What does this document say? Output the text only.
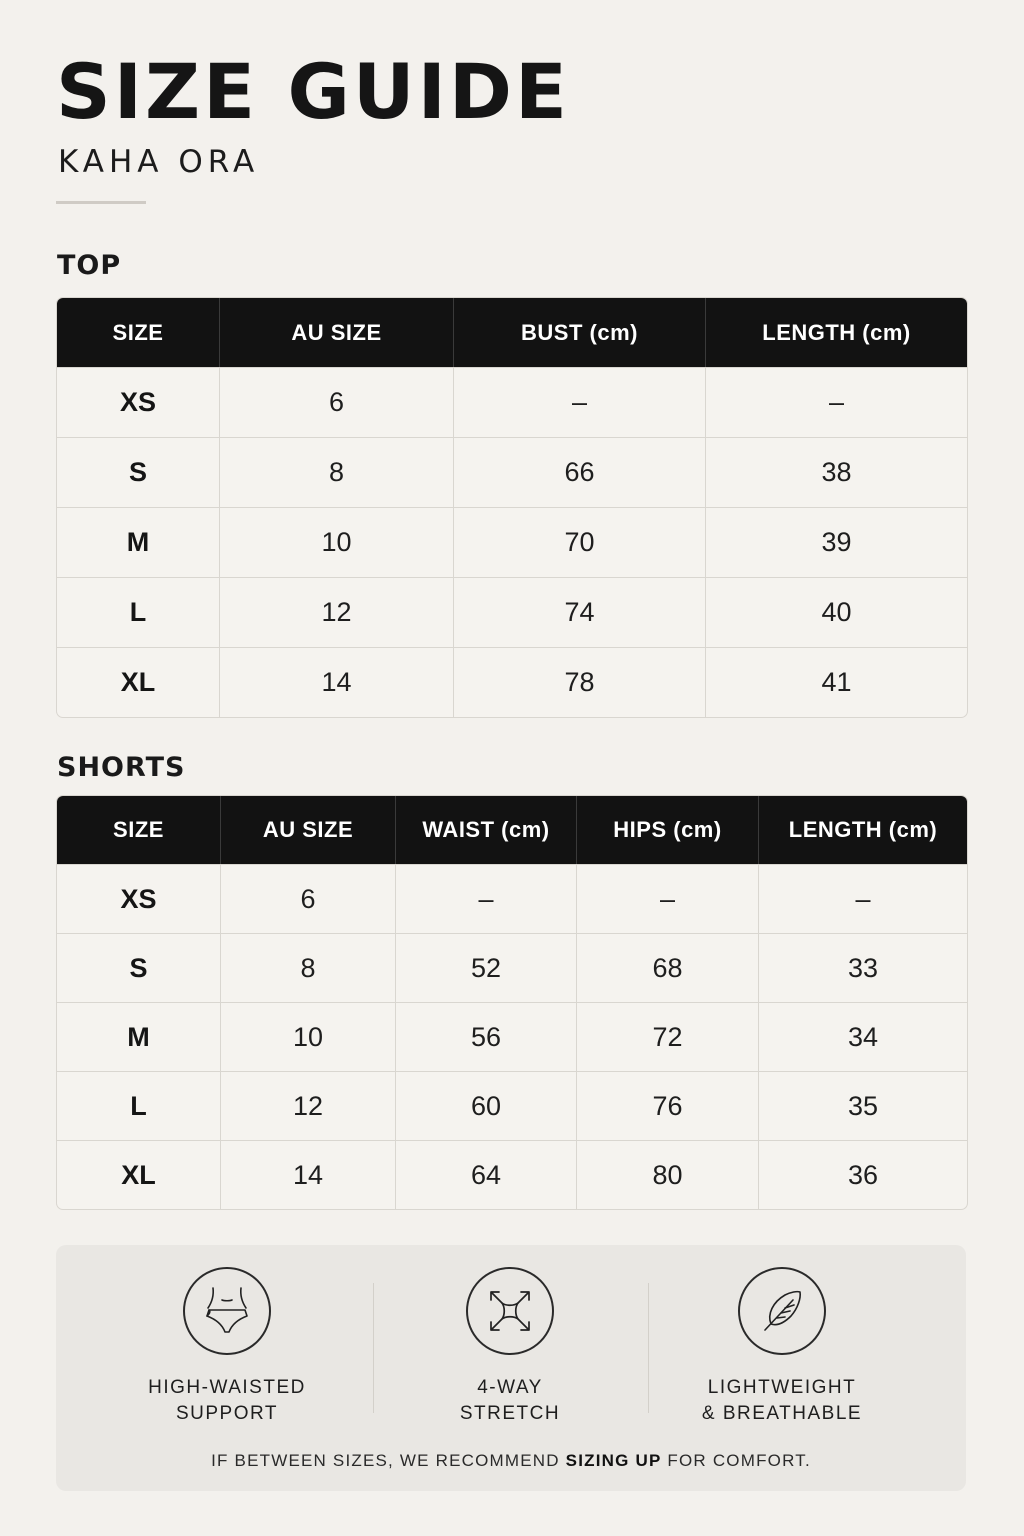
SIZE GUIDE
KAHA ORA
TOP
SIZE	AU SIZE	BUST (cm)	LENGTH (cm)
XS	6	–	–
S	8	66	38
M	10	70	39
L	12	74	40
XL	14	78	41
SHORTS
SIZE	AU SIZE	WAIST (cm)	HIPS (cm)	LENGTH (cm)
XS	6	–	–	–
S	8	52	68	33
M	10	56	72	34
L	12	60	76	35
XL	14	64	80	36
HIGH-WAISTED
SUPPORT
4-WAY
STRETCH
LIGHTWEIGHT
& BREATHABLE
IF BETWEEN SIZES, WE RECOMMEND SIZING UP FOR COMFORT.
